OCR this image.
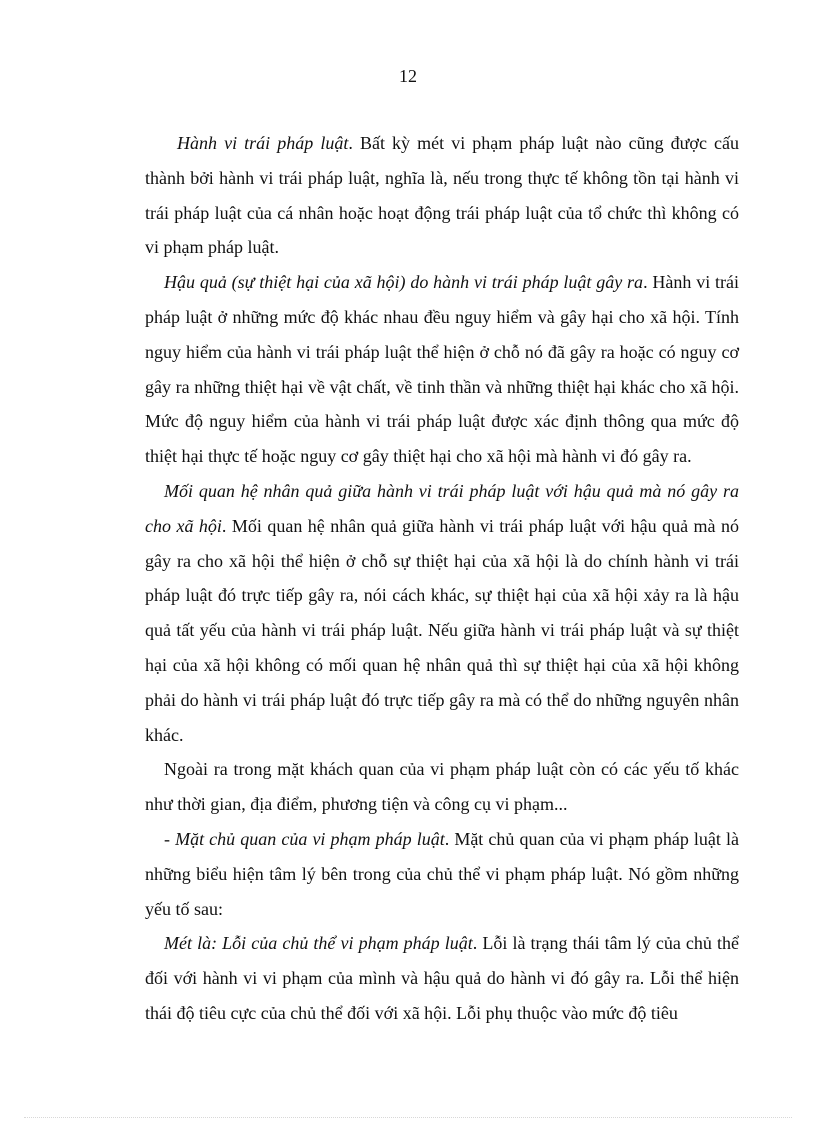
12

Hành vi trái pháp luật. Bất kỳ mét vi phạm pháp luật nào cũng được cấu thành bởi hành vi trái pháp luật, nghĩa là, nếu trong thực tế không tồn tại hành vi trái pháp luật của cá nhân hoặc hoạt động trái pháp luật của tổ chức thì không có vi phạm pháp luật.

Hậu quả (sự thiệt hại của xã hội) do hành vi trái pháp luật gây ra. Hành vi trái pháp luật ở những mức độ khác nhau đều nguy hiểm và gây hại cho xã hội. Tính nguy hiểm của hành vi trái pháp luật thể hiện ở chỗ nó đã gây ra hoặc có nguy cơ gây ra những thiệt hại về vật chất, về tinh thần và những thiệt hại khác cho xã hội. Mức độ nguy hiểm của hành vi trái pháp luật được xác định thông qua mức độ thiệt hại thực tế hoặc nguy cơ gây thiệt hại cho xã hội mà hành vi đó gây ra.

Mối quan hệ nhân quả giữa hành vi trái pháp luật với hậu quả mà nó gây ra cho xã hội. Mối quan hệ nhân quả giữa hành vi trái pháp luật với hậu quả mà nó gây ra cho xã hội thể hiện ở chỗ sự thiệt hại của xã hội là do chính hành vi trái pháp luật đó trực tiếp gây ra, nói cách khác, sự thiệt hại của xã hội xảy ra là hậu quả tất yếu của hành vi trái pháp luật. Nếu giữa hành vi trái pháp luật và sự thiệt hại của xã hội không có mối quan hệ nhân quả thì sự thiệt hại của xã hội không phải do hành vi trái pháp luật đó trực tiếp gây ra mà có thể do những nguyên nhân khác.

Ngoài ra trong mặt khách quan của vi phạm pháp luật còn có các yếu tố khác như thời gian, địa điểm, phương tiện và công cụ vi phạm...

- Mặt chủ quan của vi phạm pháp luật. Mặt chủ quan của vi phạm pháp luật là những biểu hiện tâm lý bên trong của chủ thể vi phạm pháp luật. Nó gồm những yếu tố sau:

Mét là: Lỗi của chủ thể vi phạm pháp luật. Lỗi là trạng thái tâm lý của chủ thể đối với hành vi vi phạm của mình và hậu quả do hành vi đó gây ra. Lỗi thể hiện thái độ tiêu cực của chủ thể đối với xã hội. Lỗi phụ thuộc vào mức độ tiêu
